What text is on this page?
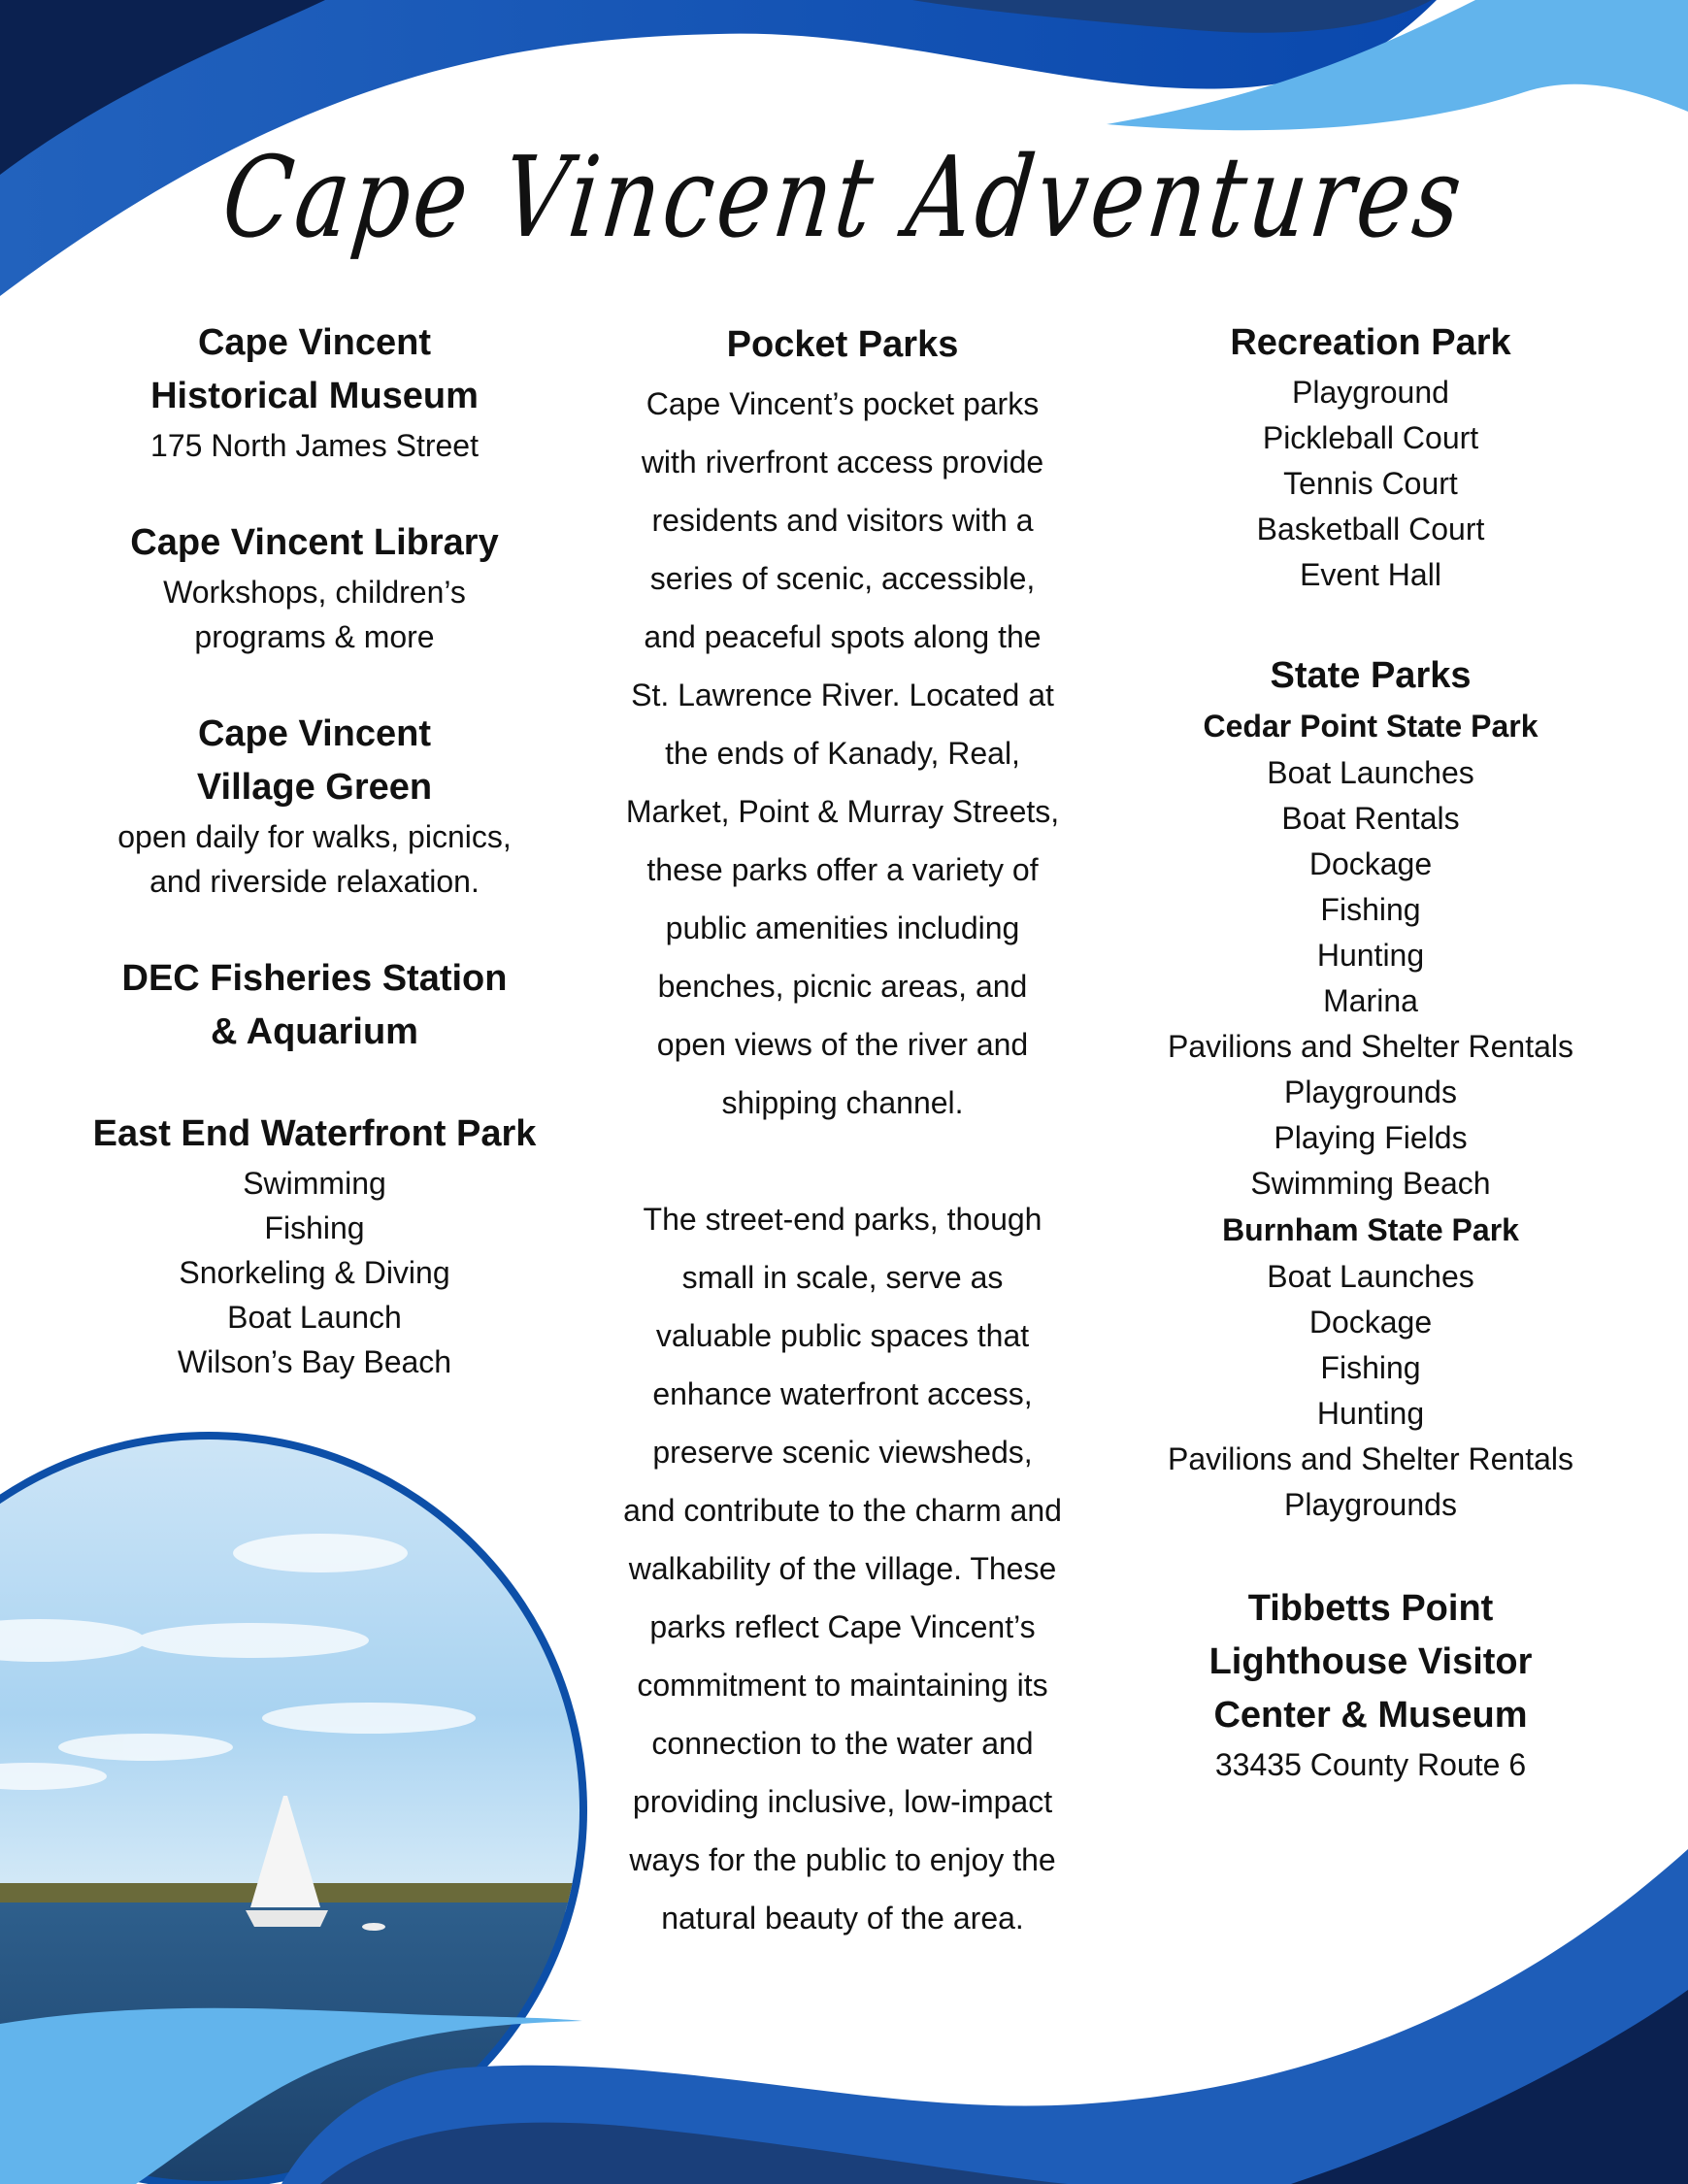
Cape Vincent Adventures
Cape Vincent
Historical Museum
175 North James Street
Cape Vincent Library
Workshops, children’s
programs & more
Cape Vincent
Village Green
open daily for walks, picnics,
and riverside relaxation.
DEC Fisheries Station
& Aquarium
East End Waterfront Park
Swimming
Fishing
Snorkeling & Diving
Boat Launch
Wilson’s Bay Beach
Pocket Parks
Cape Vincent’s pocket parks
with riverfront access provide
residents and visitors with a
series of scenic, accessible,
and peaceful spots along the
St. Lawrence River. Located at
the ends of Kanady, Real,
Market, Point & Murray Streets,
these parks offer a variety of
public amenities including
benches, picnic areas, and
open views of the river and
shipping channel.
The street-end parks, though
small in scale, serve as
valuable public spaces that
enhance waterfront access,
preserve scenic viewsheds,
and contribute to the charm and
walkability of the village. These
parks reflect Cape Vincent’s
commitment to maintaining its
connection to the water and
providing inclusive, low-impact
ways for the public to enjoy the
natural beauty of the area.
Recreation Park
Playground
Pickleball Court
Tennis Court
Basketball Court
Event Hall
State Parks
Cedar Point State Park
Boat Launches
Boat Rentals
Dockage
Fishing
Hunting
Marina
Pavilions and Shelter Rentals
Playgrounds
Playing Fields
Swimming Beach
Burnham State Park
Boat Launches
Dockage
Fishing
Hunting
Pavilions and Shelter Rentals
Playgrounds
Tibbetts Point
Lighthouse Visitor
Center & Museum
33435 County Route 6
